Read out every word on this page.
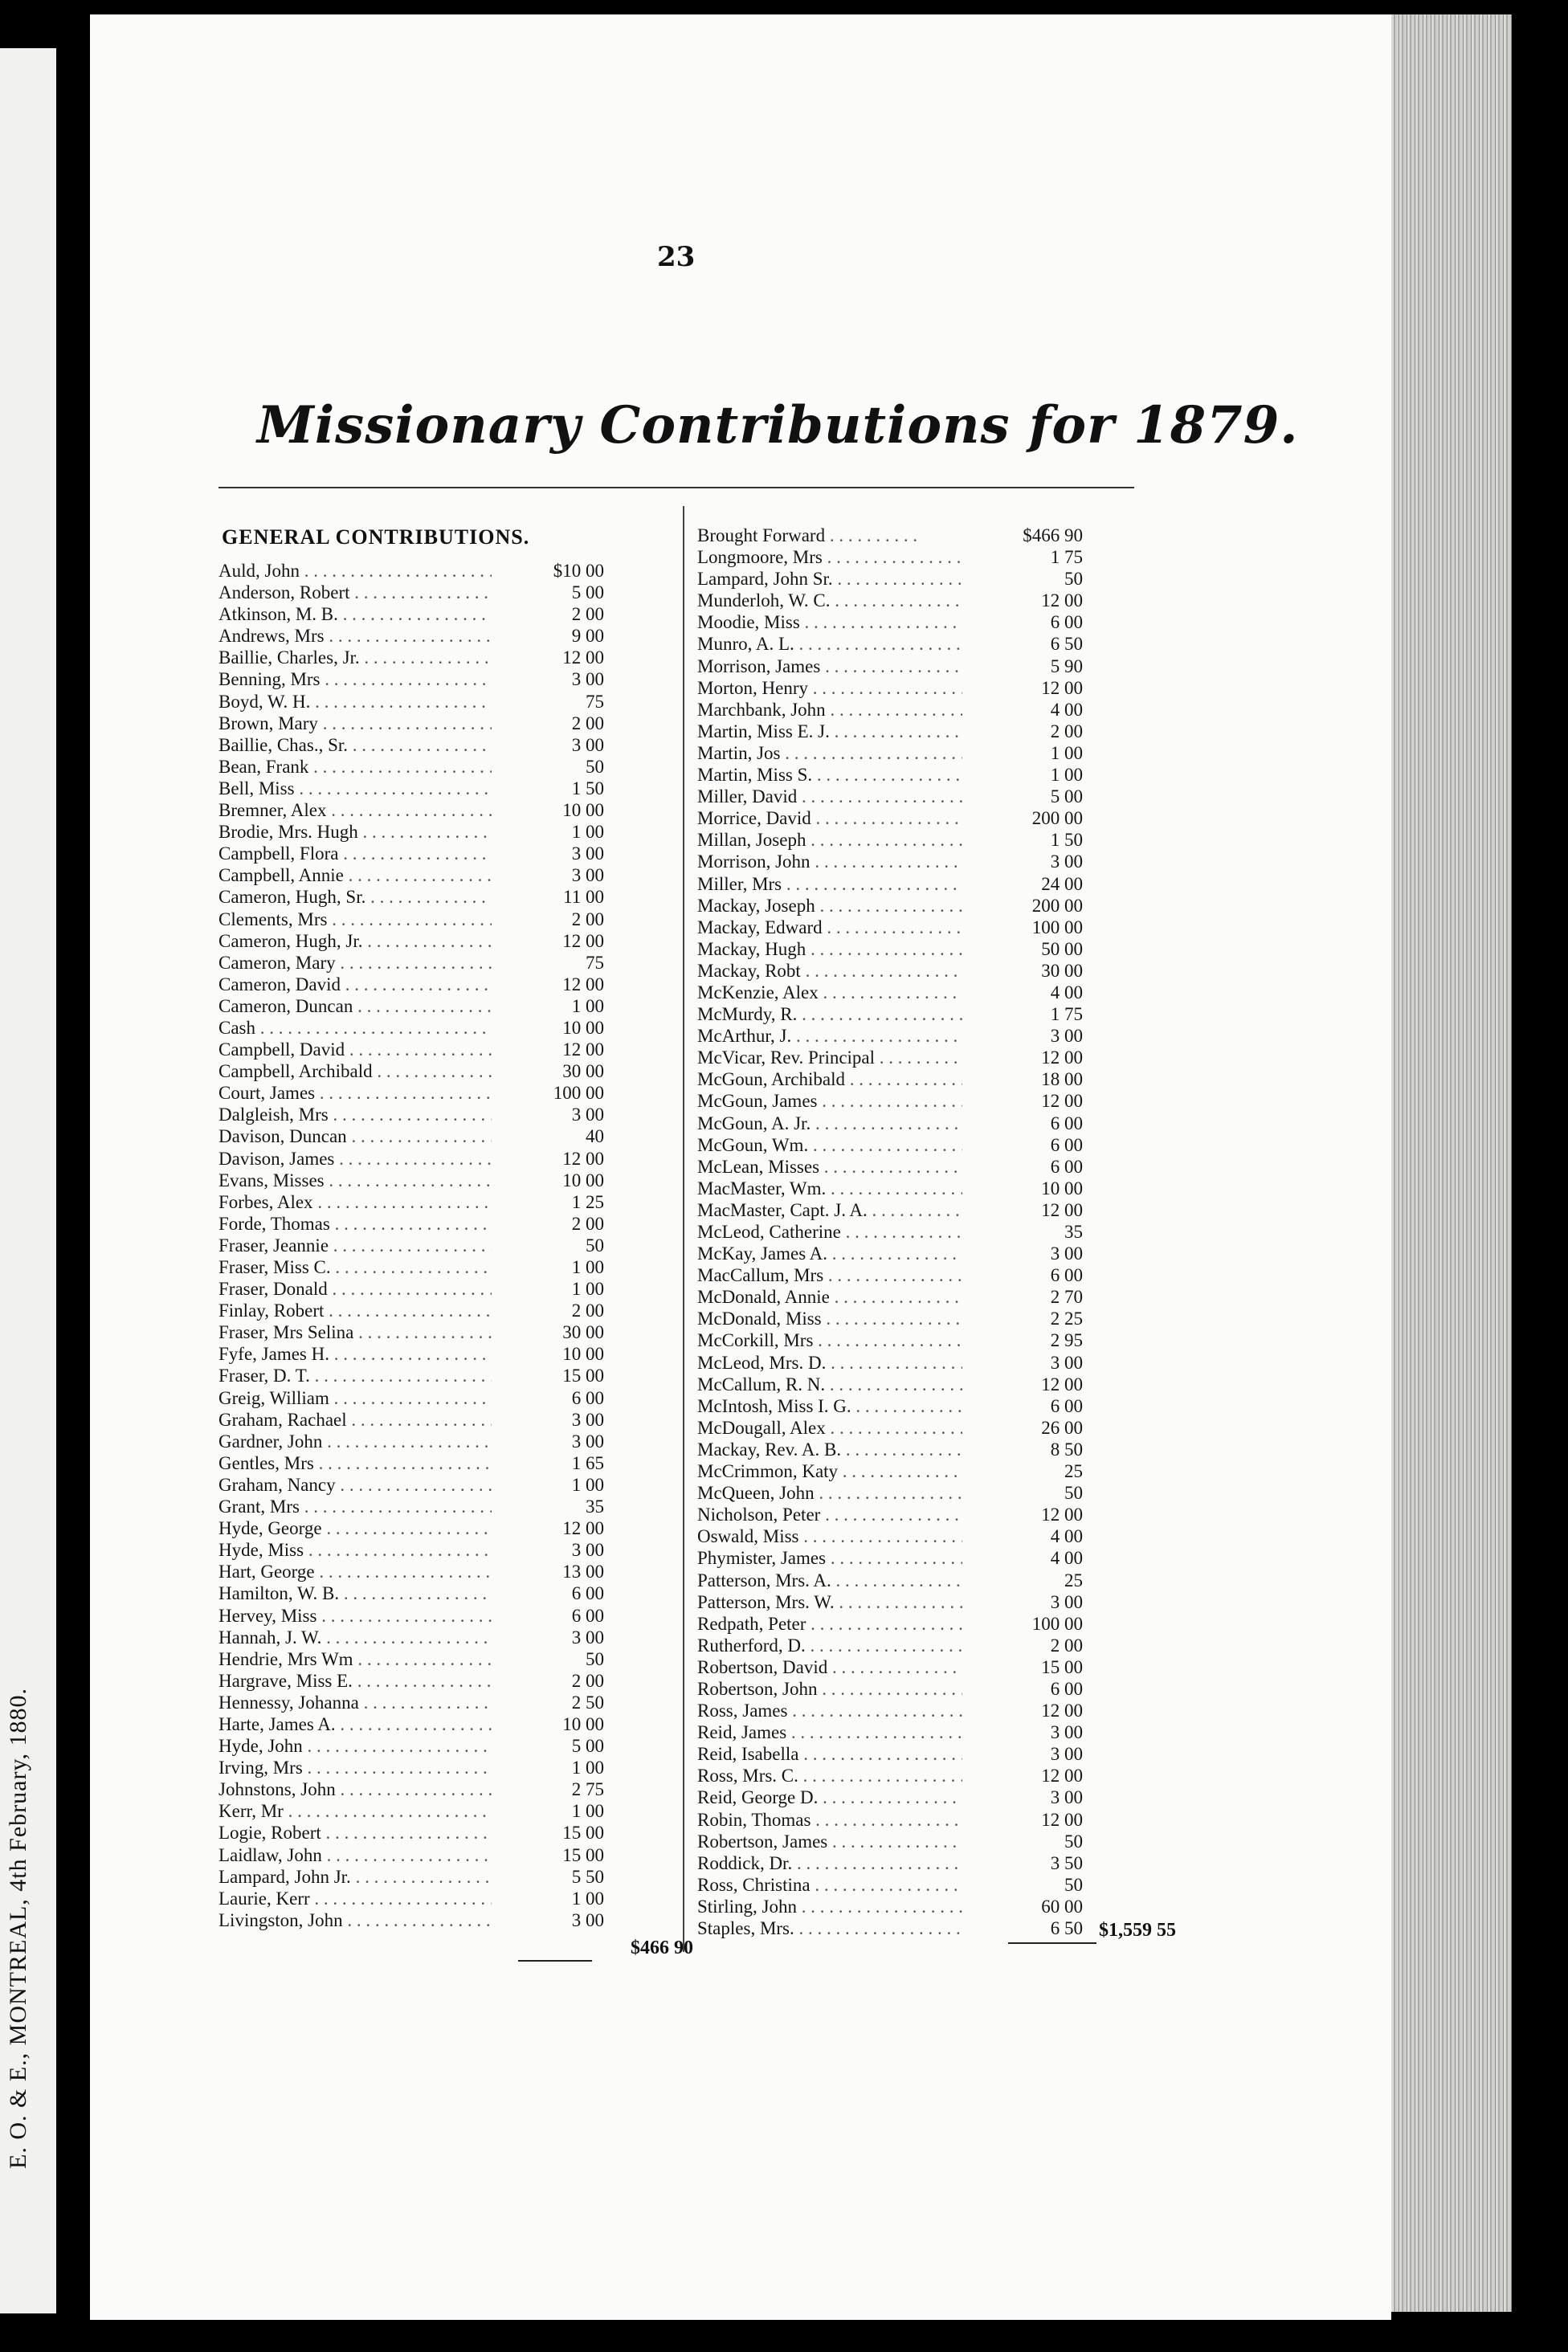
E. O. & E., MONTREAL, 4th February, 1880.
23
Missionary Contributions for 1879.
GENERAL CONTRIBUTIONS.
Auld, John . . .	$10 00
Anderson, Robert . . .	5 00
Atkinson, M. B. . . .	2 00
Andrews, Mrs . . .	9 00
Baillie, Charles, Jr. . . .	12 00
Benning, Mrs . . .	3 00
Boyd, W. H. . . .	75
Brown, Mary . . .	2 00
Baillie, Chas., Sr. . . .	3 00
Bean, Frank . . .	50
Bell, Miss . . .	1 50
Bremner, Alex . . .	10 00
Brodie, Mrs. Hugh . . .	1 00
Campbell, Flora . . .	3 00
Campbell, Annie . . .	3 00
Cameron, Hugh, Sr. . . .	11 00
Clements, Mrs . . .	2 00
Cameron, Hugh, Jr. . . .	12 00
Cameron, Mary . . .	75
Cameron, David . . .	12 00
Cameron, Duncan . . .	1 00
Cash . . .	10 00
Campbell, David . . .	12 00
Campbell, Archibald . . .	30 00
Court, James . . .	100 00
Dalgleish, Mrs . . .	3 00
Davison, Duncan . . .	40
Davison, James . . .	12 00
Evans, Misses . . .	10 00
Forbes, Alex . . .	1 25
Forde, Thomas . . .	2 00
Fraser, Jeannie . . .	50
Fraser, Miss C. . . .	1 00
Fraser, Donald . . .	1 00
Finlay, Robert . . .	2 00
Fraser, Mrs Selina . . .	30 00
Fyfe, James H. . . .	10 00
Fraser, D. T. . . .	15 00
Greig, William . . .	6 00
Graham, Rachael . . .	3 00
Gardner, John . . .	3 00
Gentles, Mrs . . .	1 65
Graham, Nancy . . .	1 00
Grant, Mrs . . .	35
Hyde, George . . .	12 00
Hyde, Miss . . .	3 00
Hart, George . . .	13 00
Hamilton, W. B. . . .	6 00
Hervey, Miss . . .	6 00
Hannah, J. W. . . .	3 00
Hendrie, Mrs Wm . . .	50
Hargrave, Miss E. . . .	2 00
Hennessy, Johanna . . .	2 50
Harte, James A. . . .	10 00
Hyde, John . . .	5 00
Irving, Mrs . . .	1 00
Johnstons, John . . .	2 75
Kerr, Mr . . .	1 00
Logie, Robert . . .	15 00
Laidlaw, John . . .	15 00
Lampard, John Jr. . . .	5 50
Laurie, Kerr . . .	1 00
Livingston, John . . .	3 00
Brought Forward . . .	$466 90
Longmoore, Mrs . . .	1 75
Lampard, John Sr. . . .	50
Munderloh, W. C. . . .	12 00
Moodie, Miss . . .	6 00
Munro, A. L. . . .	6 50
Morrison, James . . .	5 90
Morton, Henry . . .	12 00
Marchbank, John . . .	4 00
Martin, Miss E. J. . . .	2 00
Martin, Jos . . .	1 00
Martin, Miss S. . . .	1 00
Miller, David . . .	5 00
Morrice, David . . .	200 00
Millan, Joseph . . .	1 50
Morrison, John . . .	3 00
Miller, Mrs . . .	24 00
Mackay, Joseph . . .	200 00
Mackay, Edward . . .	100 00
Mackay, Hugh . . .	50 00
Mackay, Robt . . .	30 00
McKenzie, Alex . . .	4 00
McMurdy, R. . . .	1 75
McArthur, J. . . .	3 00
McVicar, Rev. Principal . . .	12 00
McGoun, Archibald . . .	18 00
McGoun, James . . .	12 00
McGoun, A. Jr. . . .	6 00
McGoun, Wm. . . .	6 00
McLean, Misses . . .	6 00
MacMaster, Wm. . . .	10 00
MacMaster, Capt. J. A. . . .	12 00
McLeod, Catherine . . .	35
McKay, James A. . . .	3 00
MacCallum, Mrs . . .	6 00
McDonald, Annie . . .	2 70
McDonald, Miss . . .	2 25
McCorkill, Mrs . . .	2 95
McLeod, Mrs. D. . . .	3 00
McCallum, R. N. . . .	12 00
McIntosh, Miss I. G. . . .	6 00
McDougall, Alex . . .	26 00
Mackay, Rev. A. B. . . .	8 50
McCrimmon, Katy . . .	25
McQueen, John . . .	50
Nicholson, Peter . . .	12 00
Oswald, Miss . . .	4 00
Phymister, James . . .	4 00
Patterson, Mrs. A. . . .	25
Patterson, Mrs. W. . . .	3 00
Redpath, Peter . . .	100 00
Rutherford, D. . . .	2 00
Robertson, David . . .	15 00
Robertson, John . . .	6 00
Ross, James . . .	12 00
Reid, James . . .	3 00
Reid, Isabella . . .	3 00
Ross, Mrs. C. . . .	12 00
Reid, George D. . . .	3 00
Robin, Thomas . . .	12 00
Robertson, James . . .	50
Roddick, Dr. . . .	3 50
Ross, Christina . . .	50
Stirling, John . . .	60 00
Staples, Mrs. . . .	6 50
$466 90
$1,559 55
